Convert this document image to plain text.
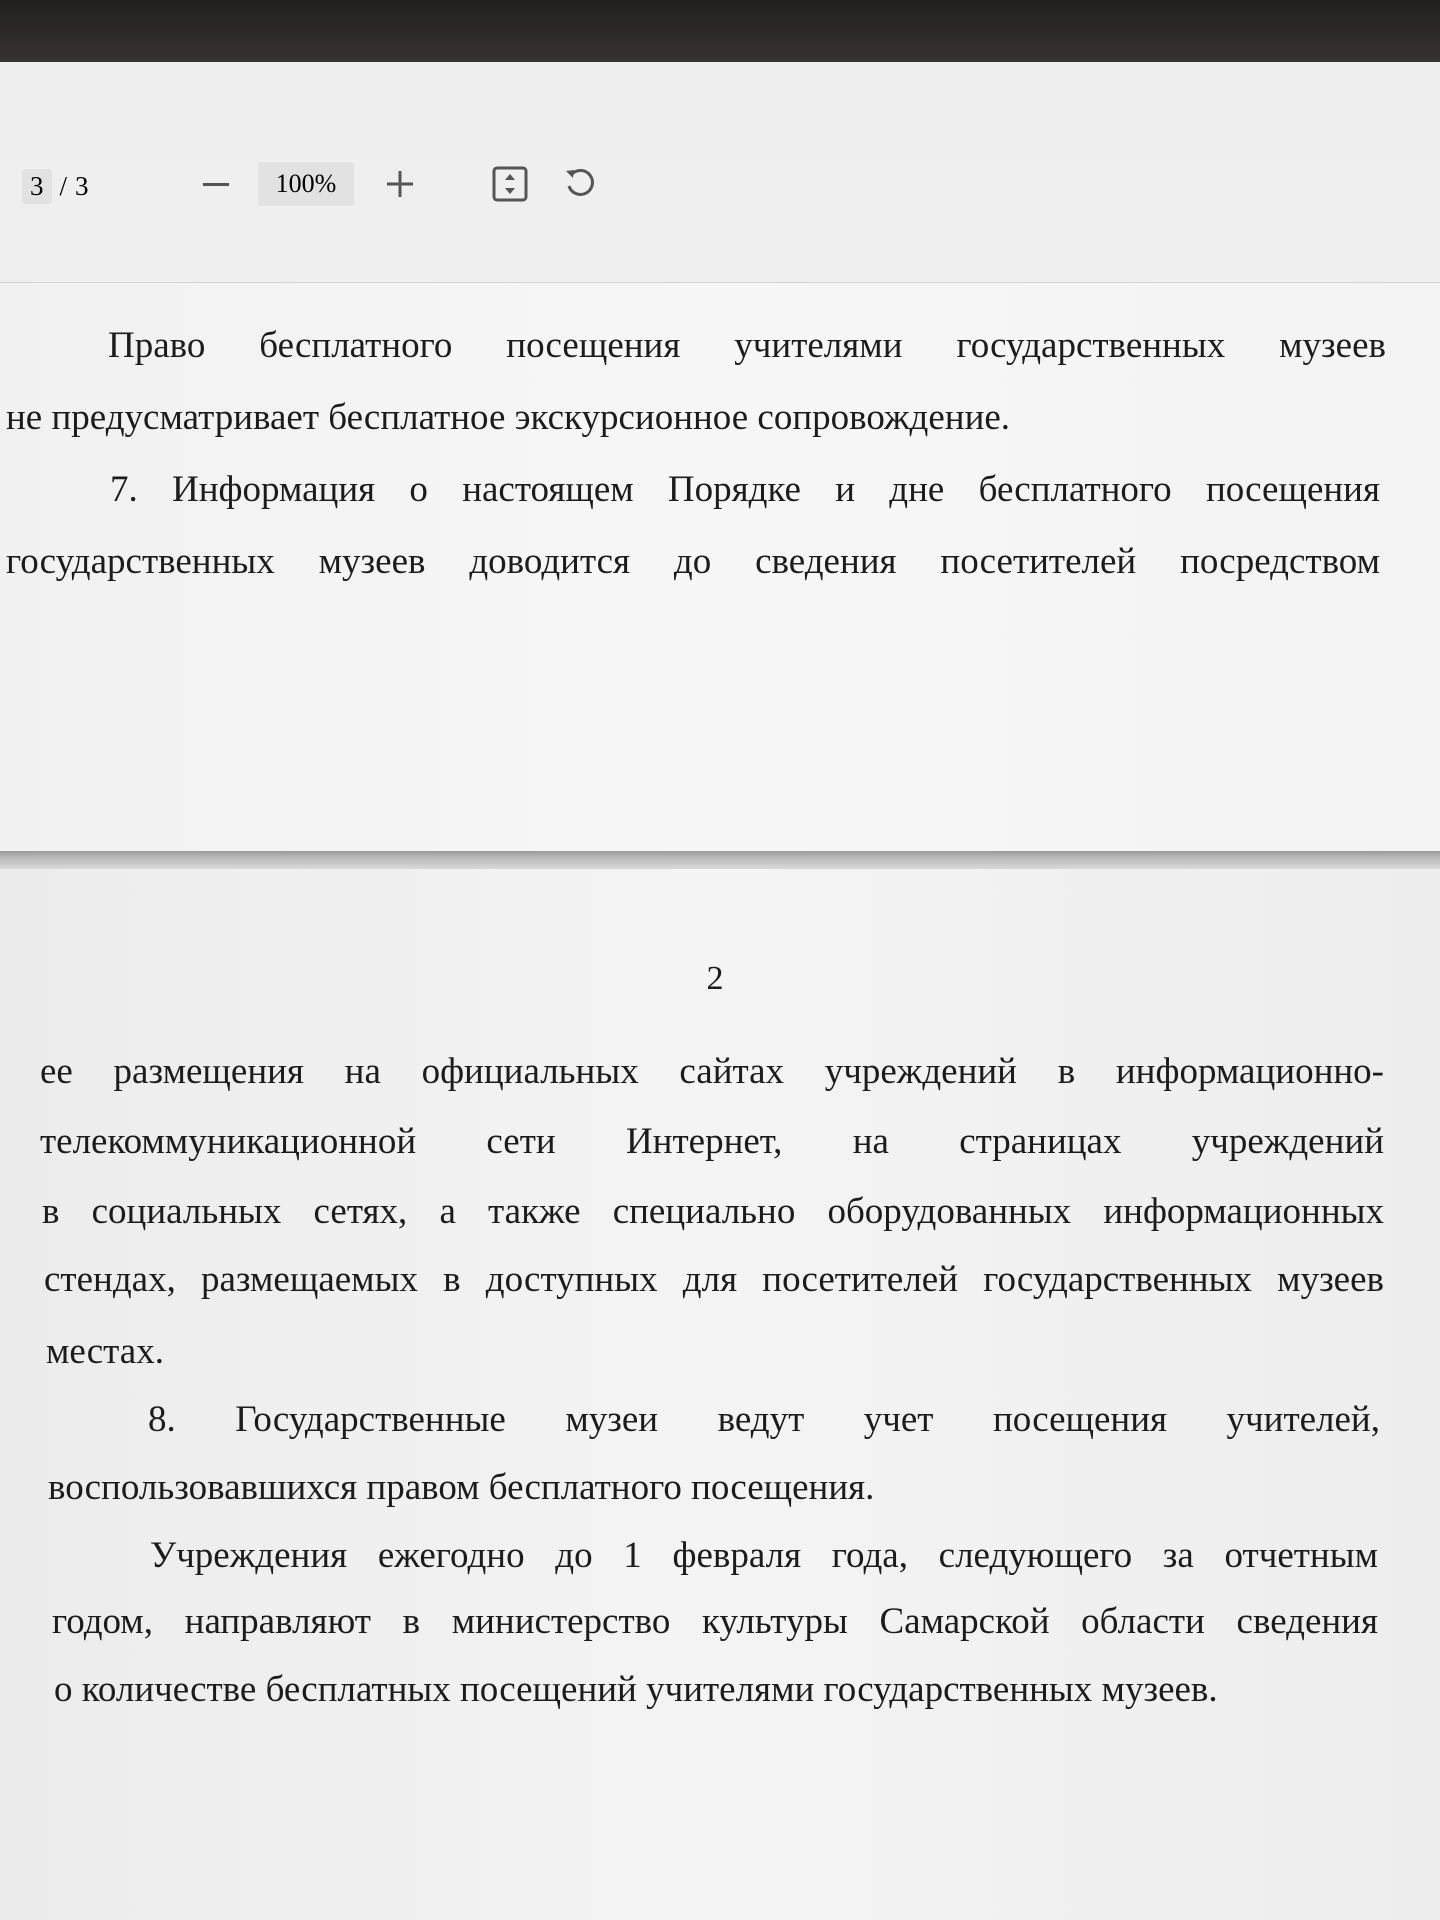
3 / 3	100%
Право бесплатного посещения учителями государственных музеев
не предусматривает бесплатное экскурсионное сопровождение.
7. Информация о настоящем Порядке и дне бесплатного посещения
государственных музеев доводится до сведения посетителей посредством
2
ее размещения на официальных сайтах учреждений в информационно-
телекоммуникационной сети Интернет, на страницах учреждений
в социальных сетях, а также специально оборудованных информационных
стендах, размещаемых в доступных для посетителей государственных музеев
местах.
8. Государственные музеи ведут учет посещения учителей,
воспользовавшихся правом бесплатного посещения.
Учреждения ежегодно до 1 февраля года, следующего за отчетным
годом, направляют в министерство культуры Самарской области сведения
о количестве бесплатных посещений учителями государственных музеев.
